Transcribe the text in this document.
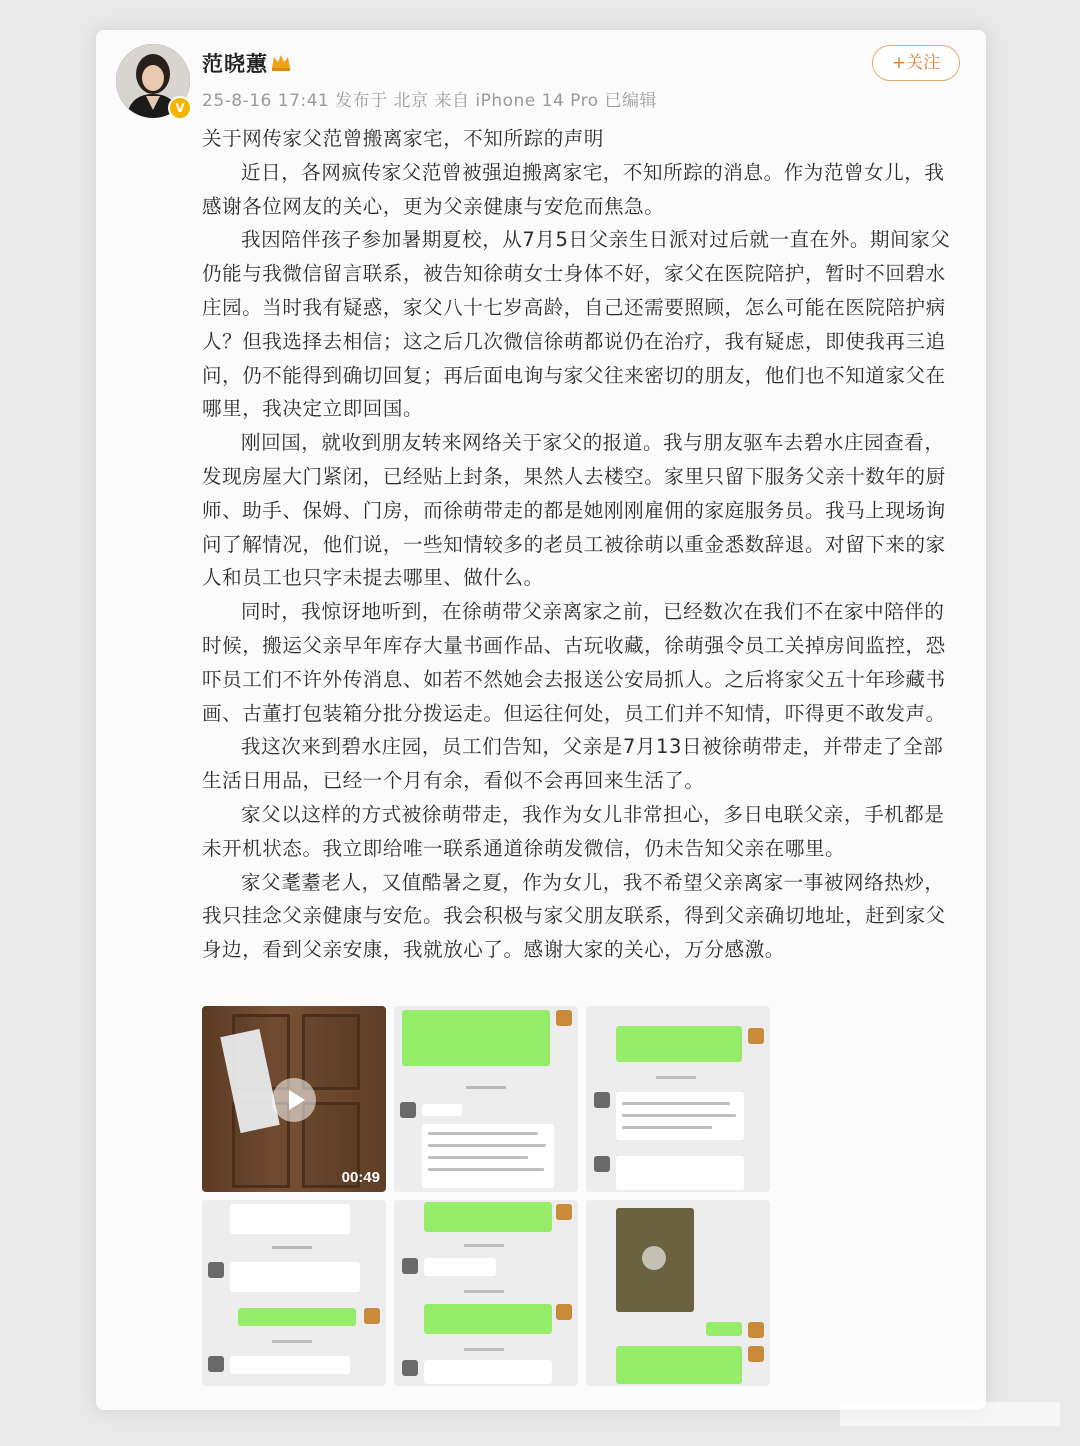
V
范晓蕙
25-8-16 17:41 发布于 北京 来自 iPhone 14 Pro 已编辑
+关注

关于网传家父范曾搬离家宅，不知所踪的声明

近日，各网疯传家父范曾被强迫搬离家宅，不知所踪的消息。作为范曾女儿，我感谢各位网友的关心，更为父亲健康与安危而焦急。

我因陪伴孩子参加暑期夏校，从7月5日父亲生日派对过后就一直在外。期间家父仍能与我微信留言联系，被告知徐萌女士身体不好，家父在医院陪护，暂时不回碧水庄园。当时我有疑惑，家父八十七岁高龄，自己还需要照顾，怎么可能在医院陪护病人？但我选择去相信；这之后几次微信徐萌都说仍在治疗，我有疑虑，即使我再三追问，仍不能得到确切回复；再后面电询与家父往来密切的朋友，他们也不知道家父在哪里，我决定立即回国。

刚回国，就收到朋友转来网络关于家父的报道。我与朋友驱车去碧水庄园查看，发现房屋大门紧闭，已经贴上封条，果然人去楼空。家里只留下服务父亲十数年的厨师、助手、保姆、门房，而徐萌带走的都是她刚刚雇佣的家庭服务员。我马上现场询问了解情况，他们说，一些知情较多的老员工被徐萌以重金悉数辞退。对留下来的家人和员工也只字未提去哪里、做什么。

同时，我惊讶地听到，在徐萌带父亲离家之前，已经数次在我们不在家中陪伴的时候，搬运父亲早年库存大量书画作品、古玩收藏，徐萌强令员工关掉房间监控，恐吓员工们不许外传消息、如若不然她会去报送公安局抓人。之后将家父五十年珍藏书画、古董打包装箱分批分拨运走。但运往何处，员工们并不知情，吓得更不敢发声。

我这次来到碧水庄园，员工们告知，父亲是7月13日被徐萌带走，并带走了全部生活日用品，已经一个月有余，看似不会再回来生活了。

家父以这样的方式被徐萌带走，我作为女儿非常担心，多日电联父亲，手机都是未开机状态。我立即给唯一联系通道徐萌发微信，仍未告知父亲在哪里。

家父耄耋老人，又值酷暑之夏，作为女儿，我不希望父亲离家一事被网络热炒，我只挂念父亲健康与安危。我会积极与家父朋友联系，得到父亲确切地址，赶到家父身边，看到父亲安康，我就放心了。感谢大家的关心，万分感激。

00:49
